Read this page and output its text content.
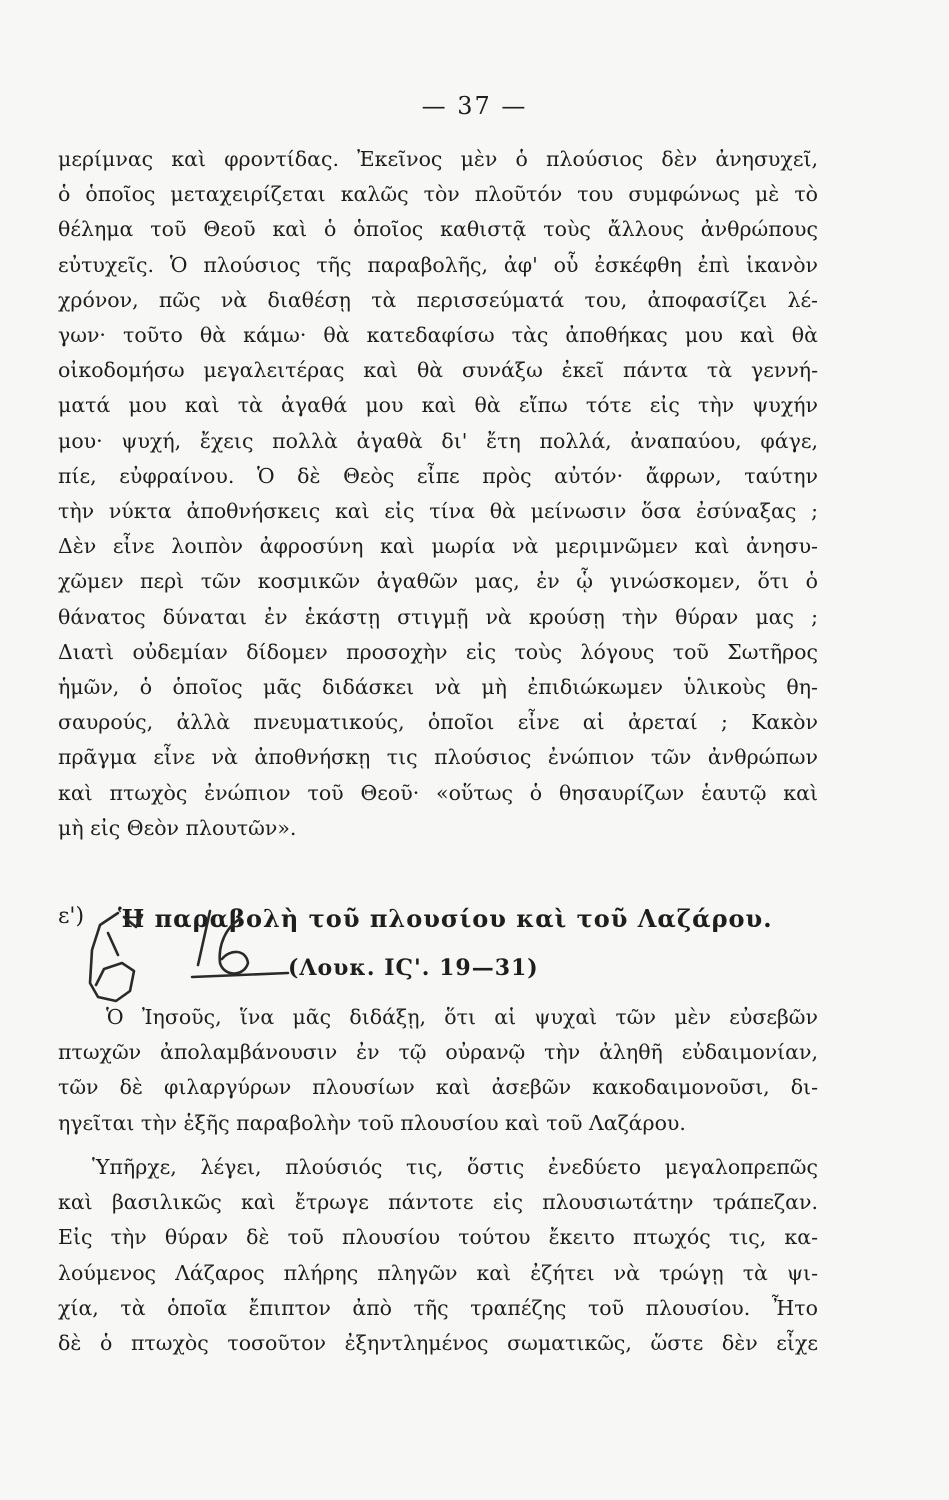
— 37 —
μερίμνας καὶ φροντίδας. Ἐκεῖνος μὲν ὁ πλούσιος δὲν ἀνησυχεῖ,
ὁ ὁποῖος μεταχειρίζεται καλῶς τὸν πλοῦτόν του συμφώνως μὲ τὸ
θέλημα τοῦ Θεοῦ καὶ ὁ ὁποῖος καθιστᾷ τοὺς ἄλλους ἀνθρώπους
εὐτυχεῖς. Ὁ πλούσιος τῆς παραβολῆς, ἀφ' οὗ ἐσκέφθη ἐπὶ ἱκανὸν
χρόνον, πῶς νὰ διαθέσῃ τὰ περισσεύματά του, ἀποφασίζει λέ-
γων· τοῦτο θὰ κάμω· θὰ κατεδαφίσω τὰς ἀποθήκας μου καὶ θὰ
οἰκοδομήσω μεγαλειτέρας καὶ θὰ συνάξω ἐκεῖ πάντα τὰ γεννή-
ματά μου καὶ τὰ ἀγαθά μου καὶ θὰ εἴπω τότε εἰς τὴν ψυχήν
μου· ψυχή, ἔχεις πολλὰ ἀγαθὰ δι' ἔτη πολλά, ἀναπαύου, φάγε,
πίε, εὐφραίνου. Ὁ δὲ Θεὸς εἶπε πρὸς αὐτόν· ἄφρων, ταύτην
τὴν νύκτα ἀποθνήσκεις καὶ εἰς τίνα θὰ μείνωσιν ὅσα ἐσύναξας ;
Δὲν εἶνε λοιπὸν ἀφροσύνη καὶ μωρία νὰ μεριμνῶμεν καὶ ἀνησυ-
χῶμεν περὶ τῶν κοσμικῶν ἀγαθῶν μας, ἐν ᾧ γινώσκομεν, ὅτι ὁ
θάνατος δύναται ἐν ἑκάστῃ στιγμῇ νὰ κρούσῃ τὴν θύραν μας ;
Διατὶ οὐδεμίαν δίδομεν προσοχὴν εἰς τοὺς λόγους τοῦ Σωτῆρος
ἡμῶν, ὁ ὁποῖος μᾶς διδάσκει νὰ μὴ ἐπιδιώκωμεν ὑλικοὺς θη-
σαυρούς, ἀλλὰ πνευματικούς, ὁποῖοι εἶνε αἱ ἀρεταί ; Κακὸν
πρᾶγμα εἶνε νὰ ἀποθνήσκῃ τις πλούσιος ἐνώπιον τῶν ἀνθρώπων
καὶ πτωχὸς ἐνώπιον τοῦ Θεοῦ· «οὕτως ὁ θησαυρίζων ἑαυτῷ καὶ
μὴ εἰς Θεὸν πλουτῶν».
ε') Ἡ παραβολὴ τοῦ πλουσίου καὶ τοῦ Λαζάρου.
(Λουκ. ΙϚ'. 19—31)
Ὁ Ἰησοῦς, ἵνα μᾶς διδάξῃ, ὅτι αἱ ψυχαὶ τῶν μὲν εὐσεβῶν
πτωχῶν ἀπολαμβάνουσιν ἐν τῷ οὐρανῷ τὴν ἀληθῆ εὐδαιμονίαν,
τῶν δὲ φιλαργύρων πλουσίων καὶ ἀσεβῶν κακοδαιμονοῦσι, δι-
ηγεῖται τὴν ἑξῆς παραβολὴν τοῦ πλουσίου καὶ τοῦ Λαζάρου.
Ὑπῆρχε, λέγει, πλούσιός τις, ὅστις ἐνεδύετο μεγαλοπρεπῶς
καὶ βασιλικῶς καὶ ἔτρωγε πάντοτε εἰς πλουσιωτάτην τράπεζαν.
Εἰς τὴν θύραν δὲ τοῦ πλουσίου τούτου ἔκειτο πτωχός τις, κα-
λούμενος Λάζαρος πλήρης πληγῶν καὶ ἐζήτει νὰ τρώγῃ τὰ ψι-
χία, τὰ ὁποῖα ἔπιπτον ἀπὸ τῆς τραπέζης τοῦ πλουσίου. Ἦτο
δὲ ὁ πτωχὸς τοσοῦτον ἐξηντλημένος σωματικῶς, ὥστε δὲν εἶχε
